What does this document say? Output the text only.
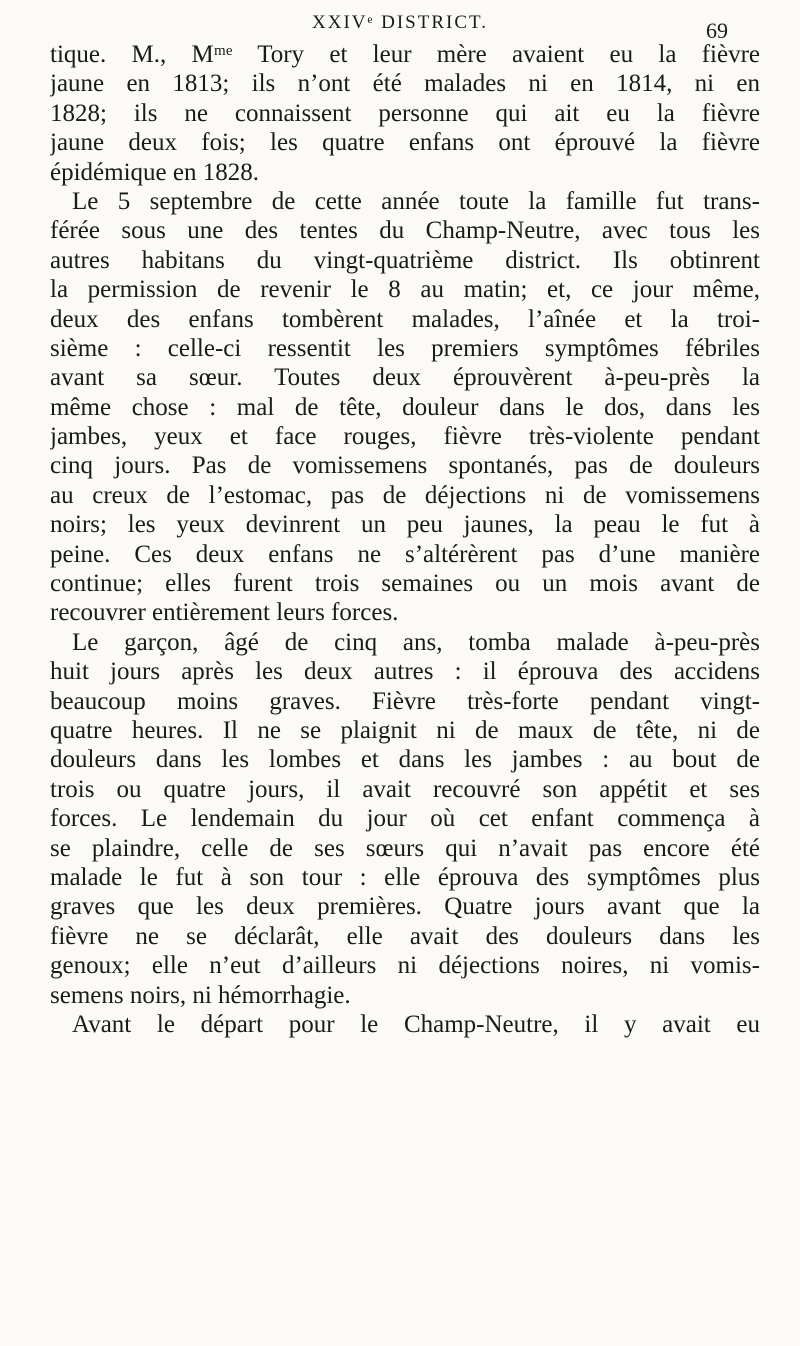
XXIVᵉ DISTRICT.	69
tique. M., Mᵐᵉ Tory et leur mère avaient eu la fièvre
jaune en 1813; ils n’ont été malades ni en 1814, ni en
1828; ils ne connaissent personne qui ait eu la fièvre
jaune deux fois; les quatre enfans ont éprouvé la fièvre
épidémique en 1828.
Le 5 septembre de cette année toute la famille fut trans-
férée sous une des tentes du Champ-Neutre, avec tous les
autres habitans du vingt-quatrième district. Ils obtinrent
la permission de revenir le 8 au matin; et, ce jour même,
deux des enfans tombèrent malades, l’aînée et la troi-
sième : celle-ci ressentit les premiers symptômes fébriles
avant sa sœur. Toutes deux éprouvèrent à-peu-près la
même chose : mal de tête, douleur dans le dos, dans les
jambes, yeux et face rouges, fièvre très-violente pendant
cinq jours. Pas de vomissemens spontanés, pas de douleurs
au creux de l’estomac, pas de déjections ni de vomissemens
noirs; les yeux devinrent un peu jaunes, la peau le fut à
peine. Ces deux enfans ne s’altérèrent pas d’une manière
continue; elles furent trois semaines ou un mois avant de
recouvrer entièrement leurs forces.
Le garçon, âgé de cinq ans, tomba malade à-peu-près
huit jours après les deux autres : il éprouva des accidens
beaucoup moins graves. Fièvre très-forte pendant vingt-
quatre heures. Il ne se plaignit ni de maux de tête, ni de
douleurs dans les lombes et dans les jambes : au bout de
trois ou quatre jours, il avait recouvré son appétit et ses
forces. Le lendemain du jour où cet enfant commença à
se plaindre, celle de ses sœurs qui n’avait pas encore été
malade le fut à son tour : elle éprouva des symptômes plus
graves que les deux premières. Quatre jours avant que la
fièvre ne se déclarât, elle avait des douleurs dans les
genoux; elle n’eut d’ailleurs ni déjections noires, ni vomis-
semens noirs, ni hémorrhagie.
Avant le départ pour le Champ-Neutre, il y avait eu
